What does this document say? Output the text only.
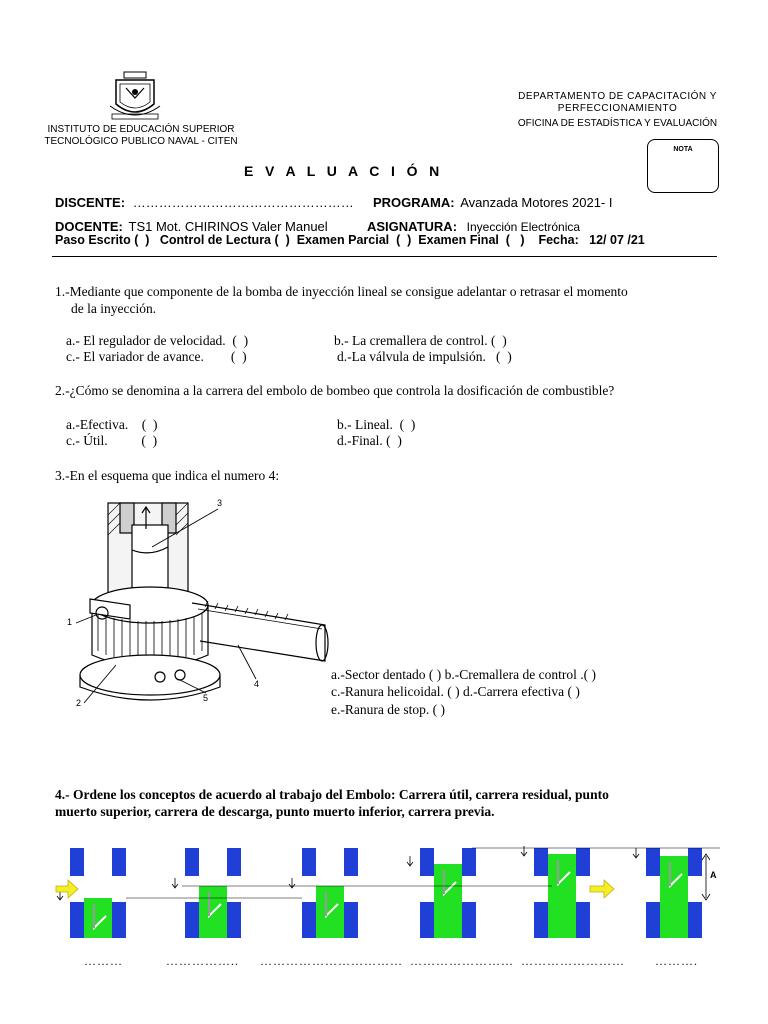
INSTITUTO DE EDUCACIÓN SUPERIOR
TECNOLÓGICO PUBLICO NAVAL - CITEN
DEPARTAMENTO DE CAPACITACIÓN Y
PERFECCIONAMIENTO
OFICINA DE ESTADÍSTICA Y EVALUACIÓN
NOTA
E   V   A   L   U   A   C   I   Ó   N
DISCENTE: …………………………………………… PROGRAMA: Avanzada Motores 2021- I
DOCENTE: TS1 Mot. CHIRINOS Valer Manuel	ASIGNATURA: Inyección Electrónica
Paso Escrito (  )   Control de Lectura (  )  Examen Parcial  (  )  Examen Final  (   )    Fecha:   12/ 07 /21
1.-Mediante que componente de la bomba de inyección lineal se consigue adelantar o retrasar el momento
de la inyección.
a.- El regulador de velocidad.  (  )	b.- La cremallera de control. (  )
c.- El variador de avance.        (  )	d.-La válvula de impulsión.   (  )
2.-¿Cómo se denomina a la carrera del embolo de bombeo que controla la dosificación de combustible?
a.-Efectiva.    (  )	b.- Lineal.  (  )
c.- Útil.          (  )	d.-Final. (  )
3.-En el esquema que indica el numero 4:
3
1
2
4
5
a.-Sector dentado ( ) b.-Cremallera de control .( )
c.-Ranura helicoidal. ( ) d.-Carrera efectiva ( )
e.-Ranura de stop. ( )
4.- Ordene los conceptos de acuerdo al trabajo del Embolo: Carrera útil, carrera residual, punto
muerto superior, carrera de descarga, punto muerto inferior, carrera previa.
A
………	…………….. …………………………… …………………… ……………………	……….
